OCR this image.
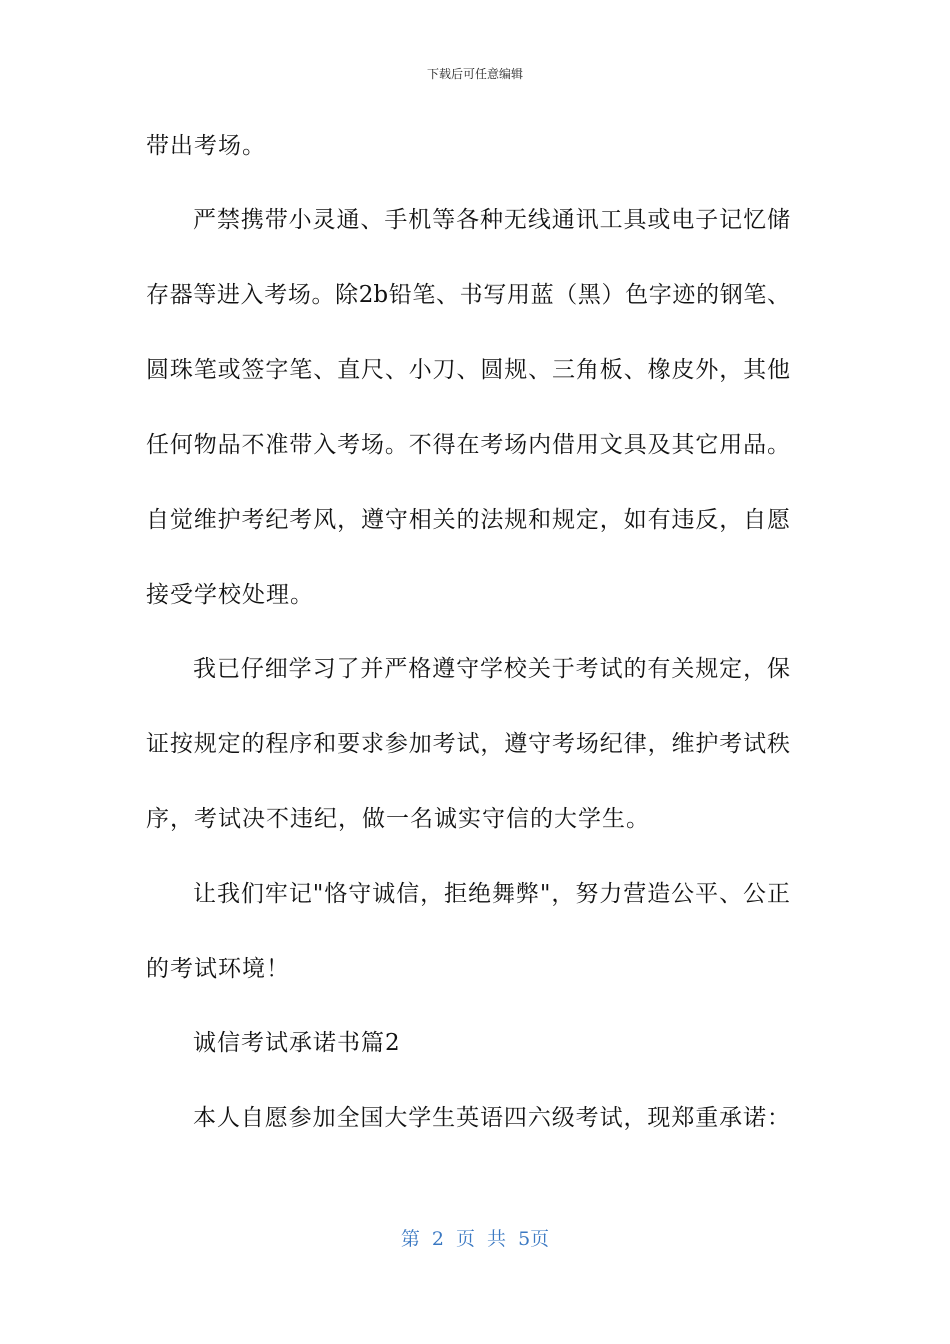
下载后可任意编辑
带出考场。
严禁携带小灵通、手机等各种无线通讯工具或电子记忆储
存器等进入考场。除2b铅笔、书写用蓝（黑）色字迹的钢笔、
圆珠笔或签字笔、直尺、小刀、圆规、三角板、橡皮外，其他
任何物品不准带入考场。不得在考场内借用文具及其它用品。
自觉维护考纪考风，遵守相关的法规和规定，如有违反，自愿
接受学校处理。
我已仔细学习了并严格遵守学校关于考试的有关规定，保
证按规定的程序和要求参加考试，遵守考场纪律，维护考试秩
序，考试决不违纪，做一名诚实守信的大学生。
让我们牢记"恪守诚信，拒绝舞弊"，努力营造公平、公正
的考试环境！
诚信考试承诺书篇2
本人自愿参加全国大学生英语四六级考试，现郑重承诺：
第 2 页 共 5页
